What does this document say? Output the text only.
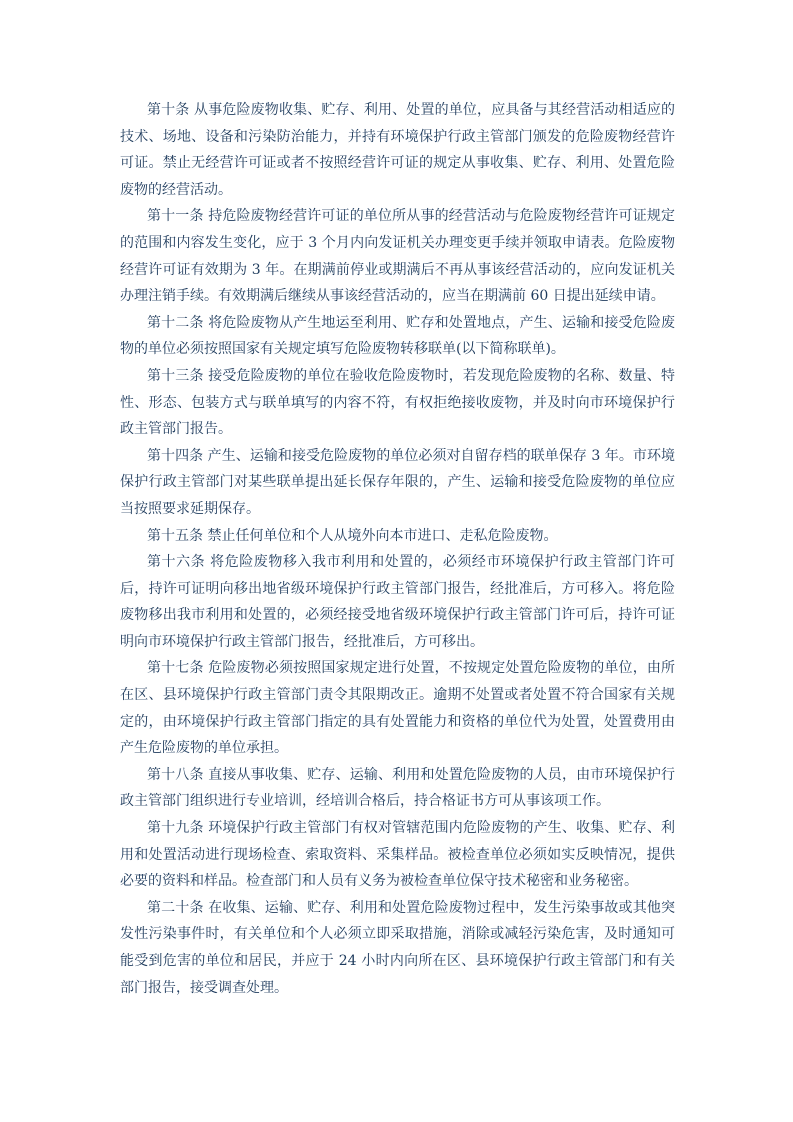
第十条 从事危险废物收集、贮存、利用、处置的单位，应具备与其经营活动相适应的技术、场地、设备和污染防治能力，并持有环境保护行政主管部门颁发的危险废物经营许可证。禁止无经营许可证或者不按照经营许可证的规定从事收集、贮存、利用、处置危险废物的经营活动。

第十一条 持危险废物经营许可证的单位所从事的经营活动与危险废物经营许可证规定的范围和内容发生变化，应于 3 个月内向发证机关办理变更手续并领取申请表。危险废物经营许可证有效期为 3 年。在期满前停业或期满后不再从事该经营活动的，应向发证机关办理注销手续。有效期满后继续从事该经营活动的，应当在期满前 60 日提出延续申请。

第十二条 将危险废物从产生地运至利用、贮存和处置地点，产生、运输和接受危险废物的单位必须按照国家有关规定填写危险废物转移联单(以下简称联单)。

第十三条 接受危险废物的单位在验收危险废物时，若发现危险废物的名称、数量、特性、形态、包装方式与联单填写的内容不符，有权拒绝接收废物，并及时向市环境保护行政主管部门报告。

第十四条 产生、运输和接受危险废物的单位必须对自留存档的联单保存 3 年。市环境保护行政主管部门对某些联单提出延长保存年限的，产生、运输和接受危险废物的单位应当按照要求延期保存。

第十五条 禁止任何单位和个人从境外向本市进口、走私危险废物。

第十六条 将危险废物移入我市利用和处置的，必须经市环境保护行政主管部门许可后，持许可证明向移出地省级环境保护行政主管部门报告，经批准后，方可移入。将危险废物移出我市利用和处置的，必须经接受地省级环境保护行政主管部门许可后，持许可证明向市环境保护行政主管部门报告，经批准后，方可移出。

第十七条 危险废物必须按照国家规定进行处置，不按规定处置危险废物的单位，由所在区、县环境保护行政主管部门责令其限期改正。逾期不处置或者处置不符合国家有关规定的，由环境保护行政主管部门指定的具有处置能力和资格的单位代为处置，处置费用由产生危险废物的单位承担。

第十八条 直接从事收集、贮存、运输、利用和处置危险废物的人员，由市环境保护行政主管部门组织进行专业培训，经培训合格后，持合格证书方可从事该项工作。

第十九条 环境保护行政主管部门有权对管辖范围内危险废物的产生、收集、贮存、利用和处置活动进行现场检查、索取资料、采集样品。被检查单位必须如实反映情况，提供必要的资料和样品。检查部门和人员有义务为被检查单位保守技术秘密和业务秘密。

第二十条 在收集、运输、贮存、利用和处置危险废物过程中，发生污染事故或其他突发性污染事件时，有关单位和个人必须立即采取措施，消除或减轻污染危害，及时通知可能受到危害的单位和居民，并应于 24 小时内向所在区、县环境保护行政主管部门和有关部门报告，接受调查处理。
